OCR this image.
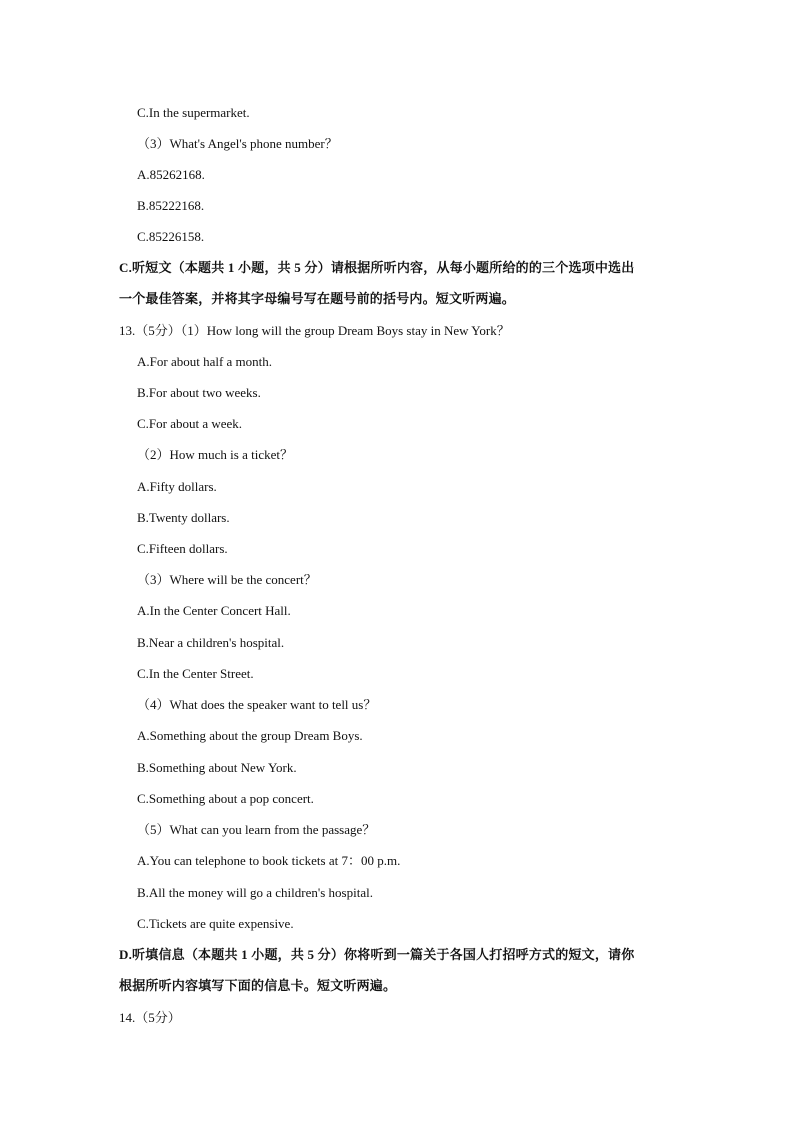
C.In the supermarket.
（3）What's Angel's phone number？
A.85262168.
B.85222168.
C.85226158.
C.听短文（本题共 1 小题，共 5 分）请根据所听内容，从每小题所给的的三个选项中选出
一个最佳答案，并将其字母编号写在题号前的括号内。短文听两遍。
13.（5分）（1）How long will the group Dream Boys stay in New York？
A.For about half a month.
B.For about two weeks.
C.For about a week.
（2）How much is a ticket？
A.Fifty dollars.
B.Twenty dollars.
C.Fifteen dollars.
（3）Where will be the concert？
A.In the Center Concert Hall.
B.Near a children's hospital.
C.In the Center Street.
（4）What does the speaker want to tell us？
A.Something about the group Dream Boys.
B.Something about New York.
C.Something about a pop concert.
（5）What can you learn from the passage？
A.You can telephone to book tickets at 7：00 p.m.
B.All the money will go a children's hospital.
C.Tickets are quite expensive.
D.听填信息（本题共 1 小题，共 5 分）你将听到一篇关于各国人打招呼方式的短文，请你
根据所听内容填写下面的信息卡。短文听两遍。
14.（5分）
